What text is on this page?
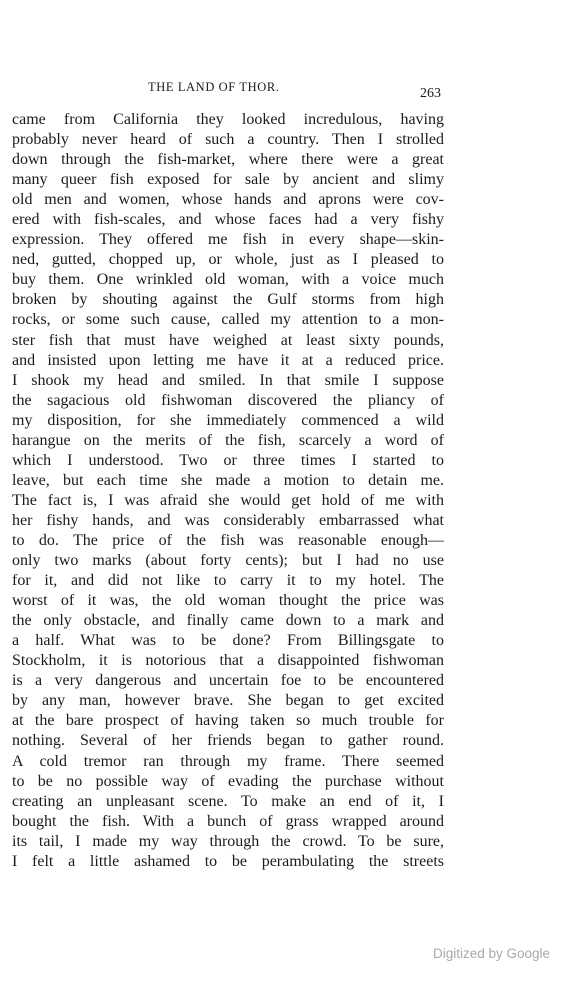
THE LAND OF THOR.	263
came from California they looked incredulous, having
probably never heard of such a country. Then I strolled
down through the fish-market, where there were a great
many queer fish exposed for sale by ancient and slimy
old men and women, whose hands and aprons were cov-
ered with fish-scales, and whose faces had a very fishy
expression. They offered me fish in every shape—skin-
ned, gutted, chopped up, or whole, just as I pleased to
buy them. One wrinkled old woman, with a voice much
broken by shouting against the Gulf storms from high
rocks, or some such cause, called my attention to a mon-
ster fish that must have weighed at least sixty pounds,
and insisted upon letting me have it at a reduced price.
I shook my head and smiled. In that smile I suppose
the sagacious old fishwoman discovered the pliancy of
my disposition, for she immediately commenced a wild
harangue on the merits of the fish, scarcely a word of
which I understood. Two or three times I started to
leave, but each time she made a motion to detain me.
The fact is, I was afraid she would get hold of me with
her fishy hands, and was considerably embarrassed what
to do. The price of the fish was reasonable enough—
only two marks (about forty cents); but I had no use
for it, and did not like to carry it to my hotel. The
worst of it was, the old woman thought the price was
the only obstacle, and finally came down to a mark and
a half. What was to be done? From Billingsgate to
Stockholm, it is notorious that a disappointed fishwoman
is a very dangerous and uncertain foe to be encountered
by any man, however brave. She began to get excited
at the bare prospect of having taken so much trouble for
nothing. Several of her friends began to gather round.
A cold tremor ran through my frame. There seemed
to be no possible way of evading the purchase without
creating an unpleasant scene. To make an end of it, I
bought the fish. With a bunch of grass wrapped around
its tail, I made my way through the crowd. To be sure,
I felt a little ashamed to be perambulating the streets
Digitized by Google
